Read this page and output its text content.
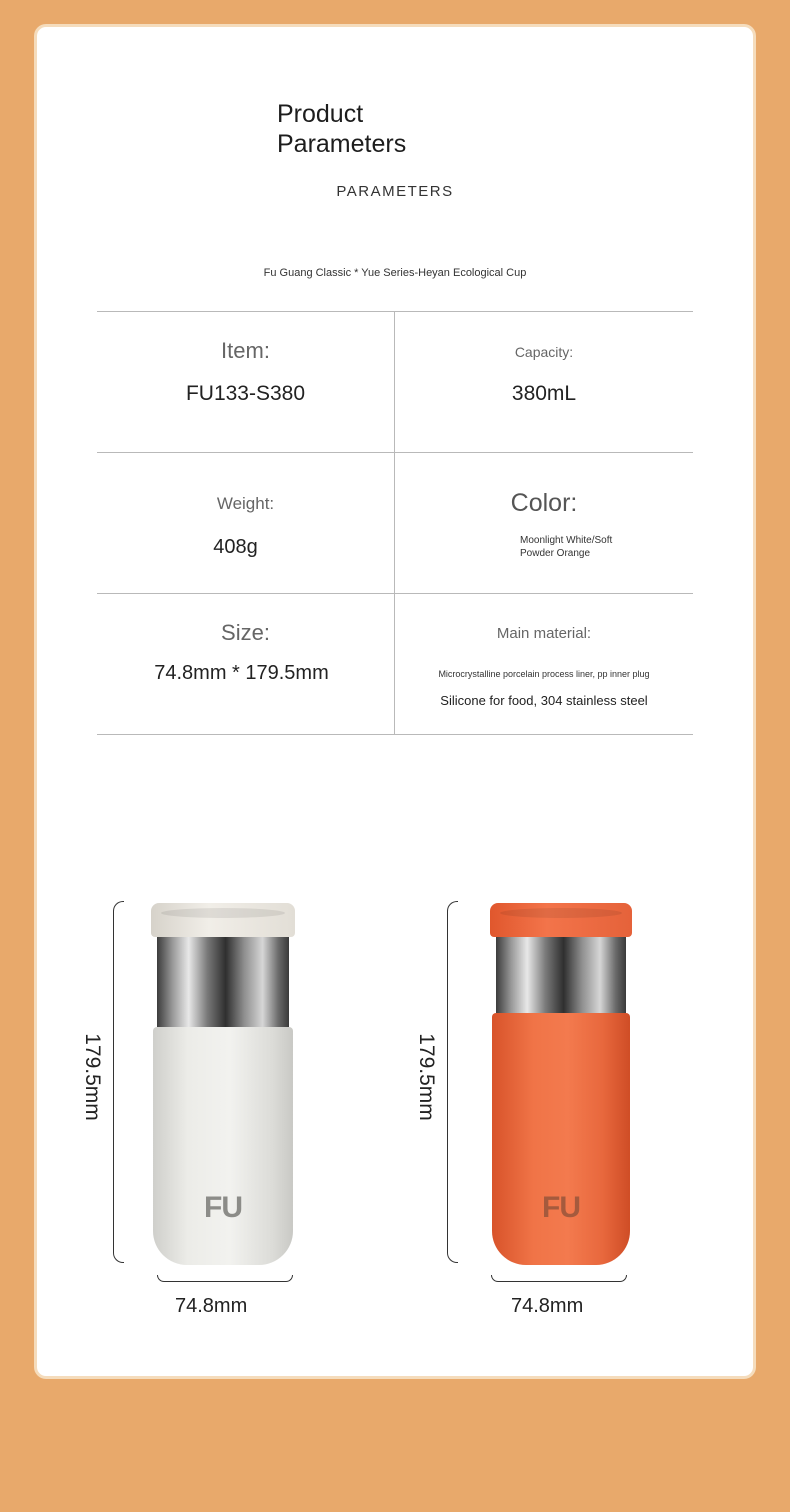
Product Parameters
PARAMETERS
Fu Guang Classic * Yue Series-Heyan Ecological Cup
Item:
FU133-S380
Capacity:
380mL
Weight:
408g
Color:
Moonlight White/Soft
Powder Orange
Size:
74.8mm * 179.5mm
Main material:
Microcrystalline porcelain process liner, pp inner plug
Silicone for food, 304 stainless steel
179.5mm
FU
74.8mm
179.5mm
FU
74.8mm
